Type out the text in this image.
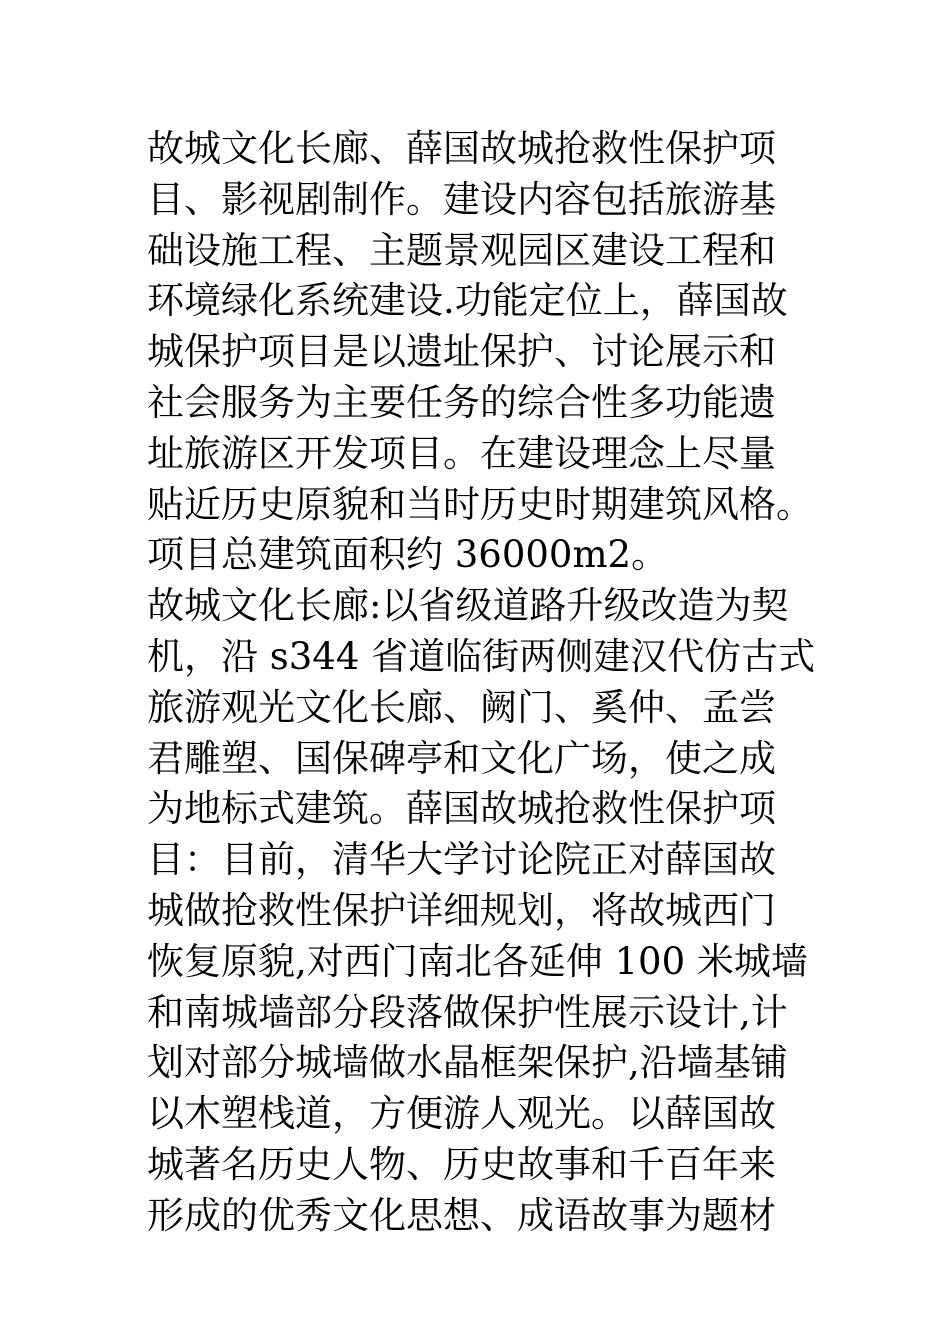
故城文化长廊、薛国故城抢救性保护项
目、影视剧制作。建设内容包括旅游基
础设施工程、主题景观园区建设工程和
环境绿化系统建设.功能定位上，薛国故
城保护项目是以遗址保护、讨论展示和
社会服务为主要任务的综合性多功能遗
址旅游区开发项目。在建设理念上尽量
贴近历史原貌和当时历史时期建筑风格。
项目总建筑面积约 36000m2。
故城文化长廊:以省级道路升级改造为契
机，沿 s344 省道临街两侧建汉代仿古式
旅游观光文化长廊、阙门、奚仲、孟尝
君雕塑、国保碑亭和文化广场，使之成
为地标式建筑。薛国故城抢救性保护项
目：目前，清华大学讨论院正对薛国故
城做抢救性保护详细规划，将故城西门
恢复原貌,对西门南北各延伸 100 米城墙
和南城墙部分段落做保护性展示设计,计
划对部分城墙做水晶框架保护,沿墙基铺
以木塑栈道，方便游人观光。以薛国故
城著名历史人物、历史故事和千百年来
形成的优秀文化思想、成语故事为题材
